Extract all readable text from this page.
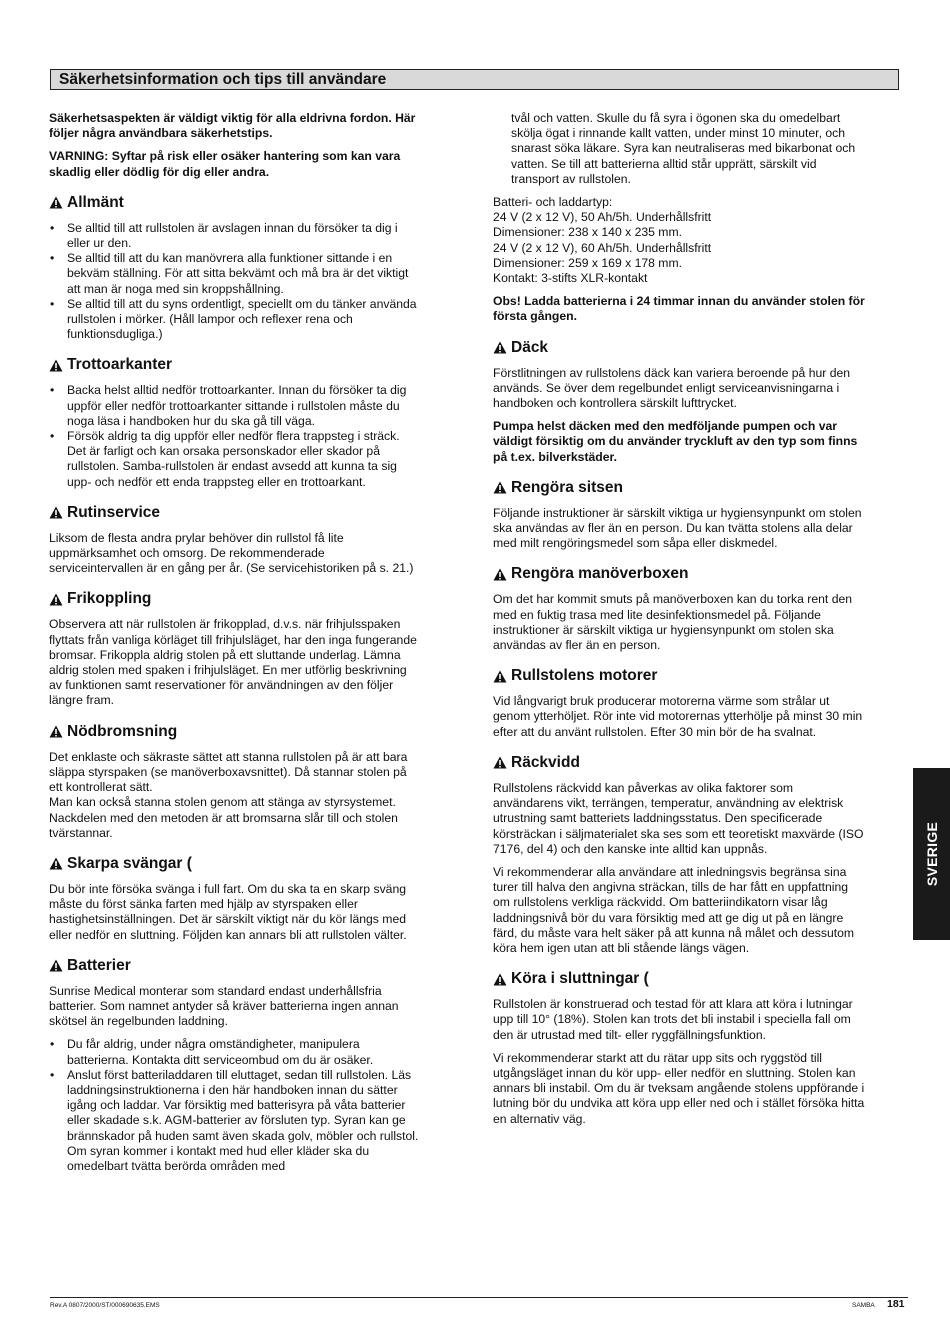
Säkerhetsinformation och tips till användare

Säkerhetsaspekten är väldigt viktig för alla eldrivna fordon. Här följer några användbara säkerhetstips.

VARNING: Syftar på risk eller osäker hantering som kan vara skadlig eller dödlig för dig eller andra.

Allmänt
• Se alltid till att rullstolen är avslagen innan du försöker ta dig i eller ur den.
• Se alltid till att du kan manövrera alla funktioner sittande i en bekväm ställning. För att sitta bekvämt och må bra är det viktigt att man är noga med sin kroppshållning.
• Se alltid till att du syns ordentligt, speciellt om du tänker använda rullstolen i mörker. (Håll lampor och reflexer rena och funktionsdugliga.)
Trottoarkanter
• Backa helst alltid nedför trottoarkanter. Innan du försöker ta dig uppför eller nedför trottoarkanter sittande i rullstolen måste du noga läsa i handboken hur du ska gå till väga.
• Försök aldrig ta dig uppför eller nedför flera trappsteg i sträck. Det är farligt och kan orsaka personskador eller skador på rullstolen. Samba-rullstolen är endast avsedd att kunna ta sig upp- och nedför ett enda trappsteg eller en trottoarkant.
Rutinservice

Liksom de flesta andra prylar behöver din rullstol få lite uppmärksamhet och omsorg. De rekommenderade serviceintervallen är en gång per år. (Se servicehistoriken på s. 21.)

Frikoppling

Observera att när rullstolen är frikopplad, d.v.s. när frihjulsspaken flyttats från vanliga körläget till frihjulsläget, har den inga fungerande bromsar. Frikoppla aldrig stolen på ett sluttande underlag. Lämna aldrig stolen med spaken i frihjulsläget. En mer utförlig beskrivning av funktionen samt reservationer för användningen av den följer längre fram.

Nödbromsning

Det enklaste och säkraste sättet att stanna rullstolen på är att bara släppa styrspaken (se manöverboxavsnittet). Då stannar stolen på ett kontrollerat sätt.

Man kan också stanna stolen genom att stänga av styrsystemet. Nackdelen med den metoden är att bromsarna slår till och stolen tvärstannar.

Skarpa svängar (

Du bör inte försöka svänga i full fart. Om du ska ta en skarp sväng måste du först sänka farten med hjälp av styrspaken eller hastighetsinställningen. Det är särskilt viktigt när du kör längs med eller nedför en sluttning. Följden kan annars bli att rullstolen välter.

Batterier

Sunrise Medical monterar som standard endast underhållsfria batterier. Som namnet antyder så kräver batterierna ingen annan skötsel än regelbunden laddning.

• Du får aldrig, under några omständigheter, manipulera batterierna. Kontakta ditt serviceombud om du är osäker.
• Anslut först batteriladdaren till eluttaget, sedan till rullstolen. Läs laddningsinstruktionerna i den här handboken innan du sätter igång och laddar. Var försiktig med batterisyra på våta batterier eller skadade s.k. AGM-batterier av försluten typ. Syran kan ge brännskador på huden samt även skada golv, möbler och rullstol. Om syran kommer i kontakt med hud eller kläder ska du omedelbart tvätta berörda områden med

tvål och vatten. Skulle du få syra i ögonen ska du omedelbart skölja ögat i rinnande kallt vatten, under minst 10 minuter, och snarast söka läkare. Syra kan neutraliseras med bikarbonat och vatten. Se till att batterierna alltid står upprätt, särskilt vid transport av rullstolen.

Batteri- och laddartyp:
24 V (2 x 12 V), 50 Ah/5h. Underhållsfritt
Dimensioner: 238 x 140 x 235 mm.
24 V (2 x 12 V), 60 Ah/5h. Underhållsfritt
Dimensioner: 259 x 169 x 178 mm.
Kontakt: 3-stifts XLR-kontakt

Obs! Ladda batterierna i 24 timmar innan du använder stolen för första gången.

Däck

Förstlitningen av rullstolens däck kan variera beroende på hur den används. Se över dem regelbundet enligt serviceanvisningarna i handboken och kontrollera särskilt lufttrycket.

Pumpa helst däcken med den medföljande pumpen och var väldigt försiktig om du använder tryckluft av den typ som finns på t.ex. bilverkstäder.

Rengöra sitsen

Följande instruktioner är särskilt viktiga ur hygiensynpunkt om stolen ska användas av fler än en person. Du kan tvätta stolens alla delar med milt rengöringsmedel som såpa eller diskmedel.

Rengöra manöverboxen

Om det har kommit smuts på manöverboxen kan du torka rent den med en fuktig trasa med lite desinfektionsmedel på. Följande instruktioner är särskilt viktiga ur hygiensynpunkt om stolen ska användas av fler än en person.

Rullstolens motorer

Vid långvarigt bruk producerar motorerna värme som strålar ut genom ytterhöljet. Rör inte vid motorernas ytterhölje på minst 30 min efter att du använt rullstolen. Efter 30 min bör de ha svalnat.

Räckvidd

Rullstolens räckvidd kan påverkas av olika faktorer som användarens vikt, terrängen, temperatur, användning av elektrisk utrustning samt batteriets laddningsstatus. Den specificerade körsträckan i säljmaterialet ska ses som ett teoretiskt maxvärde (ISO 7176, del 4) och den kanske inte alltid kan uppnås.

Vi rekommenderar alla användare att inledningsvis begränsa sina turer till halva den angivna sträckan, tills de har fått en uppfattning om rullstolens verkliga räckvidd. Om batteriindikatorn visar låg laddningsnivå bör du vara försiktig med att ge dig ut på en längre färd, du måste vara helt säker på att kunna nå målet och dessutom köra hem igen utan att bli stående längs vägen.

Köra i sluttningar (

Rullstolen är konstruerad och testad för att klara att köra i lutningar upp till 10° (18%). Stolen kan trots det bli instabil i speciella fall om den är utrustad med tilt- eller ryggfällningsfunktion.

Vi rekommenderar starkt att du rätar upp sits och ryggstöd till utgångsläget innan du kör upp- eller nedför en sluttning. Stolen kan annars bli instabil. Om du är tveksam angående stolens uppförande i lutning bör du undvika att köra upp eller ned och i stället försöka hitta en alternativ väg.

SVERIGE
Rev.A 0807/2000/ST/000690635.EMS	SAMBA 181
